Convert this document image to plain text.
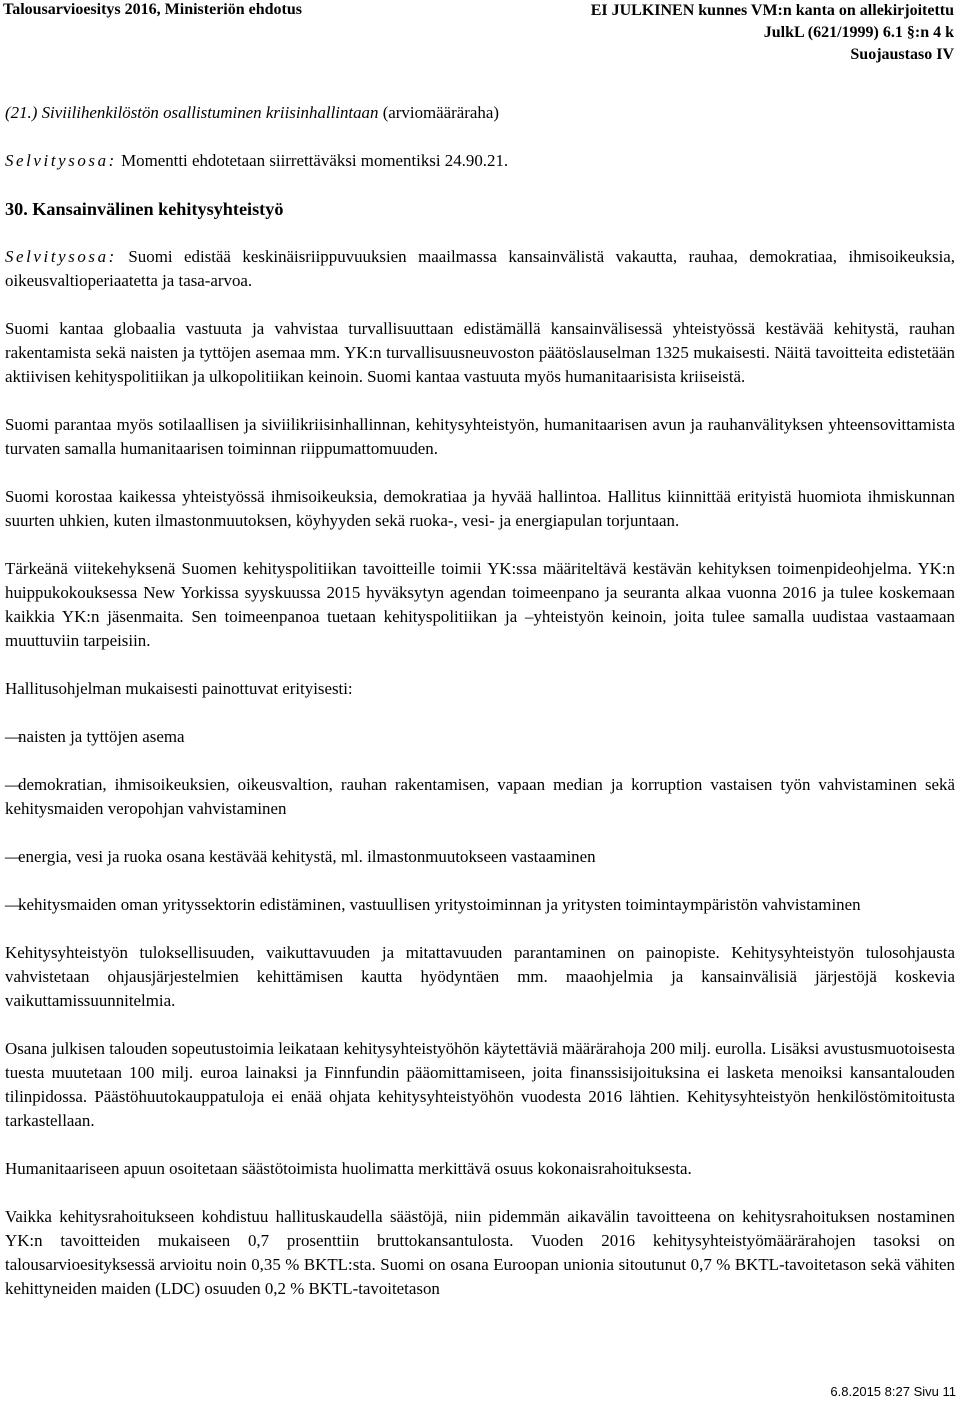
Talousarvioesitys 2016, Ministeriön ehdotus	EI JULKINEN kunnes VM:n kanta on allekirjoitettu
JulkL (621/1999) 6.1 §:n 4 k
Suojaustaso IV

(21.) Siviilihenkilöstön osallistuminen kriisinhallintaan (arviomääräraha)

Selvitysosa: Momentti ehdotetaan siirrettäväksi momentiksi 24.90.21.

30. Kansainvälinen kehitysyhteistyö

Selvitysosa: Suomi edistää keskinäisriippuvuuksien maailmassa kansainvälistä vakautta, rauhaa, demokratiaa, ihmisoikeuksia, oikeusvaltioperiaatetta ja tasa-arvoa.

Suomi kantaa globaalia vastuuta ja vahvistaa turvallisuuttaan edistämällä kansainvälisessä yhteistyössä kestävää kehitystä, rauhan rakentamista sekä naisten ja tyttöjen asemaa mm. YK:n turvallisuusneuvoston päätöslauselman 1325 mukaisesti. Näitä tavoitteita edistetään aktiivisen kehityspolitiikan ja ulkopolitiikan keinoin. Suomi kantaa vastuuta myös humanitaarisista kriiseistä.

Suomi parantaa myös sotilaallisen ja siviilikriisinhallinnan, kehitysyhteistyön, humanitaarisen avun ja rauhanvälityksen yhteensovittamista turvaten samalla humanitaarisen toiminnan riippumattomuuden.

Suomi korostaa kaikessa yhteistyössä ihmisoikeuksia, demokratiaa ja hyvää hallintoa. Hallitus kiinnittää erityistä huomiota ihmiskunnan suurten uhkien, kuten ilmastonmuutoksen, köyhyyden sekä ruoka-, vesi- ja energiapulan torjuntaan.

Tärkeänä viitekehyksenä Suomen kehityspolitiikan tavoitteille toimii YK:ssa määriteltävä kestävän kehityksen toimenpideohjelma. YK:n huippukokouksessa New Yorkissa syyskuussa 2015 hyväksytyn agendan toimeenpano ja seuranta alkaa vuonna 2016 ja tulee koskemaan kaikkia YK:n jäsenmaita. Sen toimeenpanoa tuetaan kehityspolitiikan ja –yhteistyön keinoin, joita tulee samalla uudistaa vastaamaan muuttuviin tarpeisiin.

Hallitusohjelman mukaisesti painottuvat erityisesti:

—naisten ja tyttöjen asema

—demokratian, ihmisoikeuksien, oikeusvaltion, rauhan rakentamisen, vapaan median ja korruption vastaisen työn vahvistaminen sekä kehitysmaiden veropohjan vahvistaminen

—energia, vesi ja ruoka osana kestävää kehitystä, ml. ilmastonmuutokseen vastaaminen

—kehitysmaiden oman yrityssektorin edistäminen, vastuullisen yritystoiminnan ja yritysten toimintaympäristön vahvistaminen

Kehitysyhteistyön tuloksellisuuden, vaikuttavuuden ja mitattavuuden parantaminen on painopiste. Kehitysyhteistyön tulosohjausta vahvistetaan ohjausjärjestelmien kehittämisen kautta hyödyntäen mm. maaohjelmia ja kansainvälisiä järjestöjä koskevia vaikuttamissuunnitelmia.

Osana julkisen talouden sopeutustoimia leikataan kehitysyhteistyöhön käytettäviä määrärahoja 200 milj. eurolla. Lisäksi avustusmuotoisesta tuesta muutetaan 100 milj. euroa lainaksi ja Finnfundin pääomittamiseen, joita finanssisijoituksina ei lasketa menoiksi kansantalouden tilinpidossa. Päästöhuutokauppatuloja ei enää ohjata kehitysyhteistyöhön vuodesta 2016 lähtien. Kehitysyhteistyön henkilöstömitoitusta tarkastellaan.

Humanitaariseen apuun osoitetaan säästötoimista huolimatta merkittävä osuus kokonaisrahoituksesta.

Vaikka kehitysrahoitukseen kohdistuu hallituskaudella säästöjä, niin pidemmän aikavälin tavoitteena on kehitysrahoituksen nostaminen YK:n tavoitteiden mukaiseen 0,7 prosenttiin bruttokansantulosta. Vuoden 2016 kehitysyhteistyömäärärahojen tasoksi on talousarvioesityksessä arvioitu noin 0,35 % BKTL:sta. Suomi on osana Euroopan unionia sitoutunut 0,7 % BKTL-tavoitetason sekä vähiten kehittyneiden maiden (LDC) osuuden 0,2 % BKTL-tavoitetason

6.8.2015 8:27 Sivu 11
